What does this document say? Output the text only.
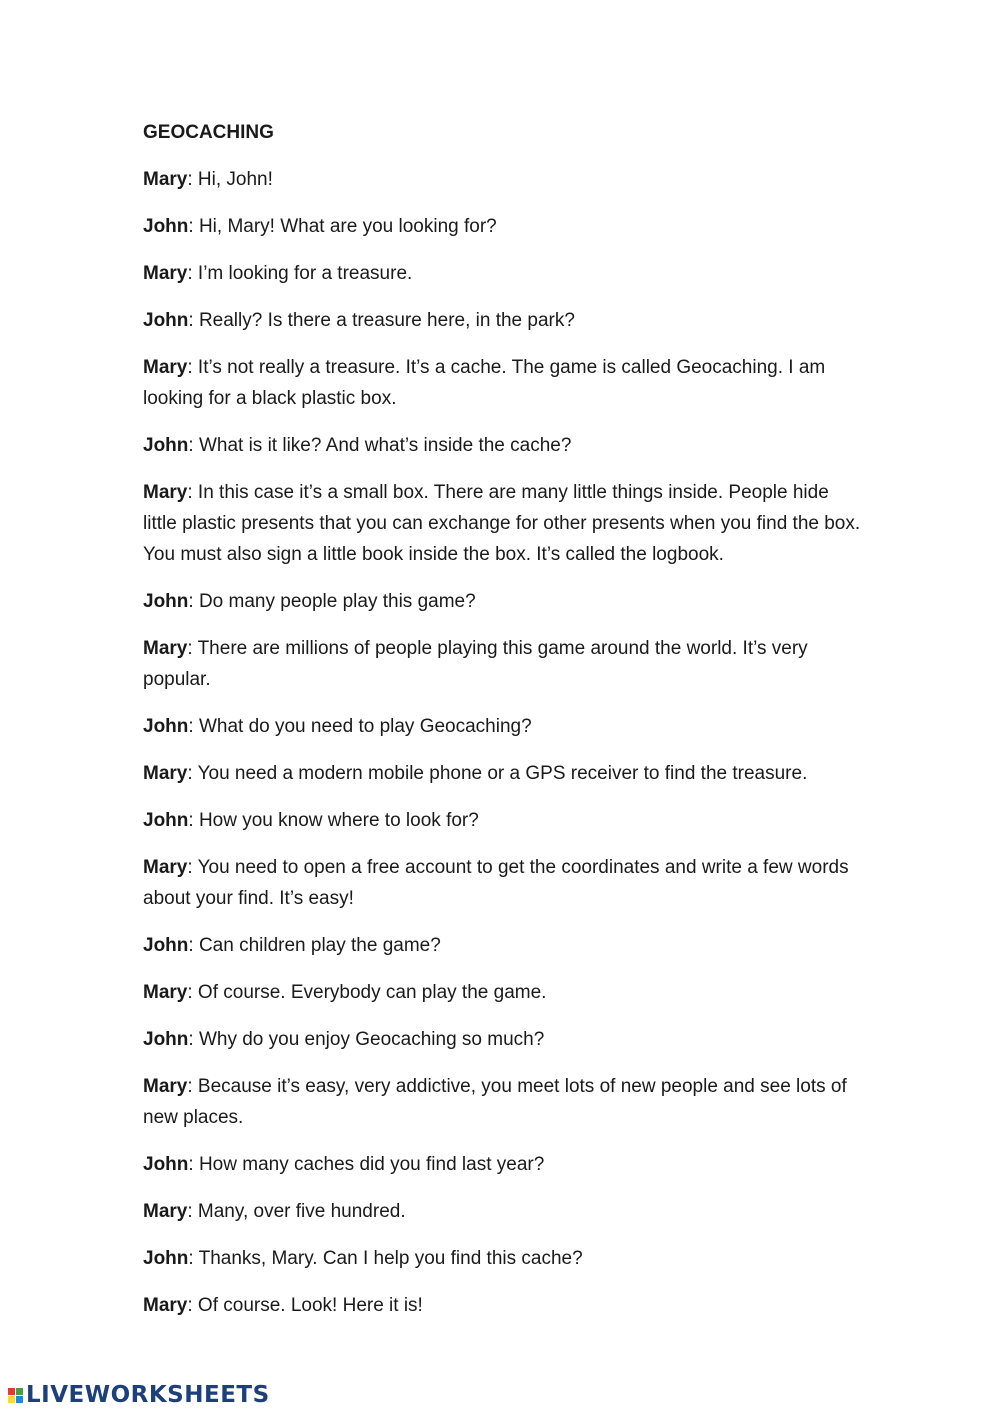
GEOCACHING
Mary: Hi, John!
John: Hi, Mary! What are you looking for?
Mary: I’m looking for a treasure.
John: Really? Is there a treasure here, in the park?
Mary: It’s not really a treasure. It’s a cache. The game is called Geocaching. I am looking for a black plastic box.
John: What is it like? And what’s inside the cache?
Mary: In this case it’s a small box. There are many little things inside. People hide little plastic presents that you can exchange for other presents when you find the box. You must also sign a little book inside the box. It’s called the logbook.
John: Do many people play this game?
Mary: There are millions of people playing this game around the world. It’s very popular.
John: What do you need to play Geocaching?
Mary: You need a modern mobile phone or a GPS receiver to find the treasure.
John: How you know where to look for?
Mary: You need to open a free account to get the coordinates and write a few words about your find. It’s easy!
John: Can children play the game?
Mary: Of course. Everybody can play the game.
John: Why do you enjoy Geocaching so much?
Mary: Because it’s easy, very addictive, you meet lots of new people and see lots of new places.
John: How many caches did you find last year?
Mary: Many, over five hundred.
John: Thanks, Mary. Can I help you find this cache?
Mary: Of course. Look! Here it is!
LIVEWORKSHEETS
